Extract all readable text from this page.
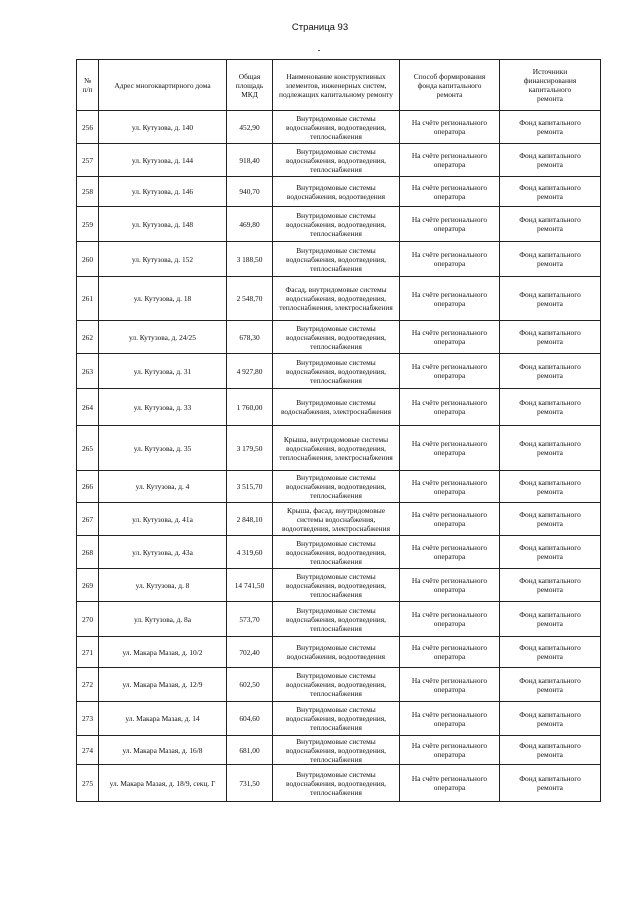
Страница 93
№
п/п	Адрес многоквартирного дома	Общая
площадь
МКД	Наименование конструктивных
элементов, инженерных систем,
подлежащих капитальному ремонту	Способ формирования
фонда капитального
ремонта	Источники
финансирования
капитального
ремонта

256	ул. Кутузова, д. 140	452,90	Внутридомовые системы
водоснабжения, водоотведения,
теплоснабжения	На счёте регионального
оператора	Фонд капитального
ремонта

257	ул. Кутузова, д. 144	918,40	Внутридомовые системы
водоснабжения, водоотведения,
теплоснабжения	На счёте регионального
оператора	Фонд капитального
ремонта

258	ул. Кутузова, д. 146	940,70	Внутридомовые системы
водоснабжения, водоотведения	На счёте регионального
оператора	Фонд капитального
ремонта

259	ул. Кутузова, д. 148	469,80	Внутридомовые системы
водоснабжения, водоотведения,
теплоснабжения	На счёте регионального
оператора	Фонд капитального
ремонта

260	ул. Кутузова, д. 152	3 188,50	Внутридомовые системы
водоснабжения, водоотведения,
теплоснабжения	На счёте регионального
оператора	Фонд капитального
ремонта

261	ул. Кутузова, д. 18	2 548,70	Фасад, внутридомовые системы
водоснабжения, водоотведения,
теплоснабжения, электроснабжения	На счёте регионального
оператора	Фонд капитального
ремонта

262	ул. Кутузова, д. 24/25	678,30	Внутридомовые системы
водоснабжения, водоотведения,
теплоснабжения	На счёте регионального
оператора	Фонд капитального
ремонта

263	ул. Кутузова, д. 31	4 927,80	Внутридомовые системы
водоснабжения, водоотведения,
теплоснабжения	На счёте регионального
оператора	Фонд капитального
ремонта

264	ул. Кутузова, д. 33	1 760,00	Внутридомовые системы
водоснабжения, электроснабжения	На счёте регионального
оператора	Фонд капитального
ремонта

265	ул. Кутузова, д. 35	3 179,50	Крыша, внутридомовые системы
водоснабжения, водоотведения,
теплоснабжения, электроснабжения	На счёте регионального
оператора	Фонд капитального
ремонта

266	ул. Кутузова, д. 4	3 515,70	Внутридомовые системы
водоснабжения, водоотведения,
теплоснабжения	На счёте регионального
оператора	Фонд капитального
ремонта

267	ул. Кутузова, д. 41а	2 848,10	Крыша, фасад, внутридомовые
системы водоснабжения,
водоотведения, электроснабжения	На счёте регионального
оператора	Фонд капитального
ремонта

268	ул. Кутузова, д. 43а	4 319,60	Внутридомовые системы
водоснабжения, водоотведения,
теплоснабжения	На счёте регионального
оператора	Фонд капитального
ремонта

269	ул. Кутузова, д. 8	14 741,50	Внутридомовые системы
водоснабжения, водоотведения,
теплоснабжения	На счёте регионального
оператора	Фонд капитального
ремонта

270	ул. Кутузова, д. 8а	573,70	Внутридомовые системы
водоснабжения, водоотведения,
теплоснабжения	На счёте регионального
оператора	Фонд капитального
ремонта

271	ул. Макара Мазая, д. 10/2	702,40	Внутридомовые системы
водоснабжения, водоотведения	На счёте регионального
оператора	Фонд капитального
ремонта

272	ул. Макара Мазая, д. 12/9	602,50	Внутридомовые системы
водоснабжения, водоотведения,
теплоснабжения	На счёте регионального
оператора	Фонд капитального
ремонта

273	ул. Макара Мазая, д. 14	604,60	Внутридомовые системы
водоснабжения, водоотведения,
теплоснабжения	На счёте регионального
оператора	Фонд капитального
ремонта

274	ул. Макара Мазая, д. 16/8	681,00	Внутридомовые системы
водоснабжения, водоотведения,
теплоснабжения	На счёте регионального
оператора	Фонд капитального
ремонта

275	ул. Макара Мазая, д. 18/9, секц. Г	731,50	Внутридомовые системы
водоснабжения, водоотведения,
теплоснабжения	На счёте регионального
оператора	Фонд капитального
ремонта
